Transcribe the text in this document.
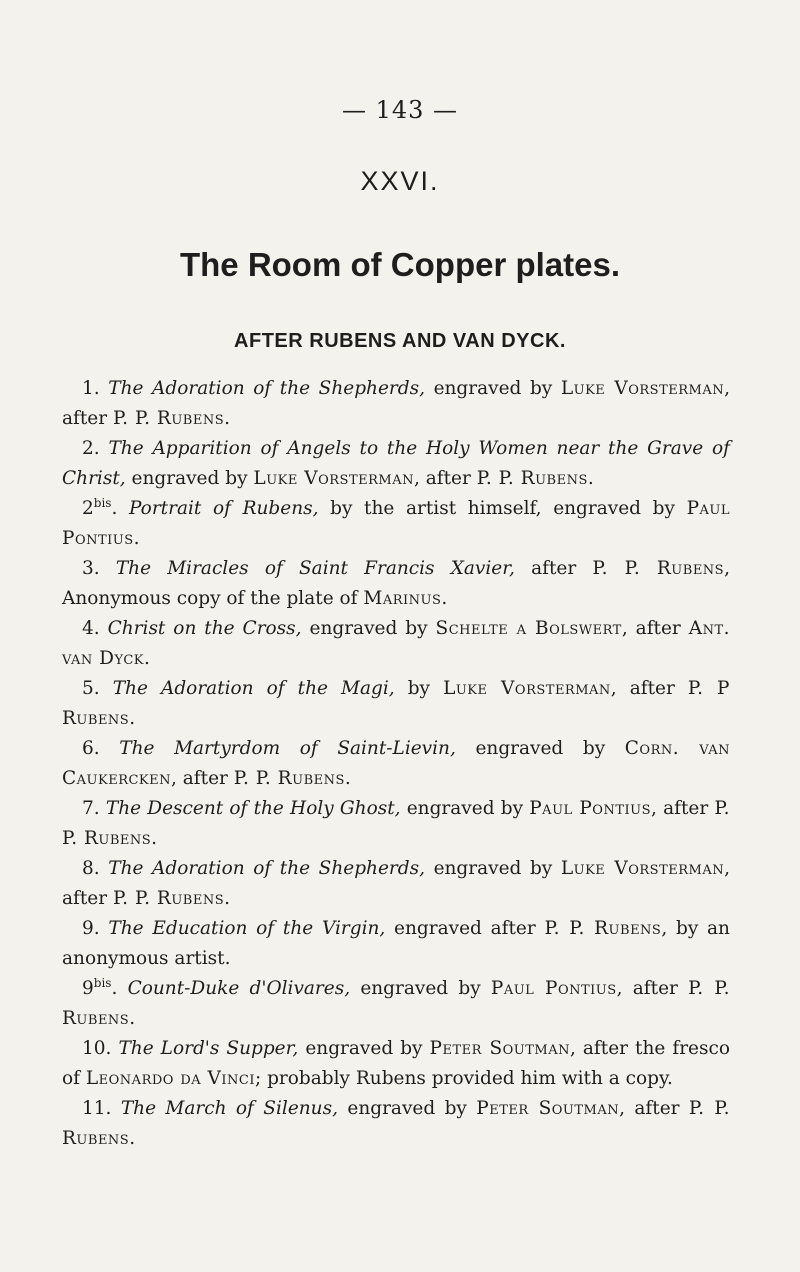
— 143 —
XXVI.
The Room of Copper plates.
AFTER RUBENS AND VAN DYCK.

1. The Adoration of the Shepherds, engraved by Luke Vorsterman, after P. P. Rubens.

2. The Apparition of Angels to the Holy Women near the Grave of Christ, engraved by Luke Vorsterman, after P. P. Rubens.

$2^{bis}$. Portrait of Rubens, by the artist himself, engraved by Paul Pontius.

3. The Miracles of Saint Francis Xavier, after P. P. Rubens, Anonymous copy of the plate of Marinus.

4. Christ on the Cross, engraved by Schelte a Bolswert, after Ant. van Dyck.

5. The Adoration of the Magi, by Luke Vorsterman, after P. P Rubens.

6. The Martyrdom of Saint-Lievin, engraved by Corn. van Caukercken, after P. P. Rubens.

7. The Descent of the Holy Ghost, engraved by Paul Pontius, after P. P. Rubens.

8. The Adoration of the Shepherds, engraved by Luke Vorsterman, after P. P. Rubens.

9. The Education of the Virgin, engraved after P. P. Rubens, by an anonymous artist.

$9^{bis}$. Count-Duke d'Olivares, engraved by Paul Pontius, after P. P. Rubens.

10. The Lord's Supper, engraved by Peter Soutman, after the fresco of Leonardo da Vinci; probably Rubens provided him with a copy.

11. The March of Silenus, engraved by Peter Soutman, after P. P. Rubens.
